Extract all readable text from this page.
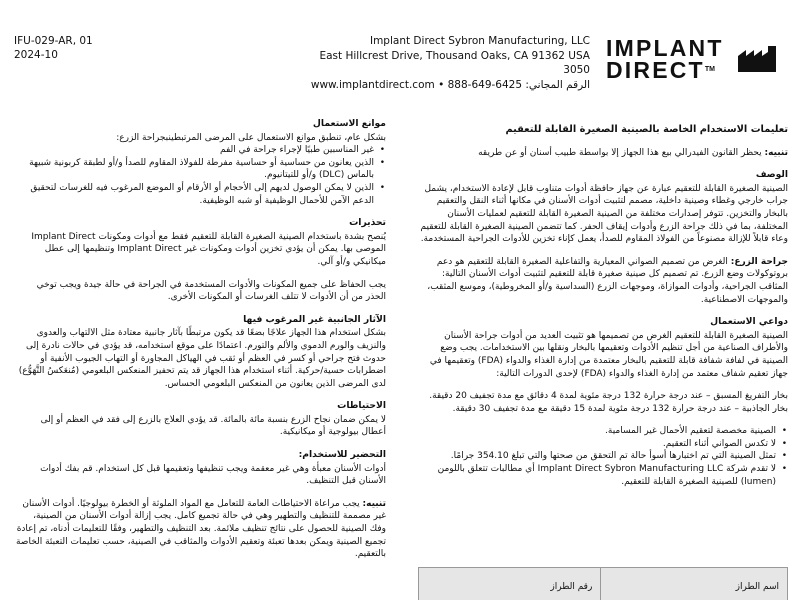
IFU-029-AR, 01
2024-10
Implant Direct Sybron Manufacturing, LLC
East Hillcrest Drive, Thousand Oaks, CA 91362 USA 3050
www.implantdirect.com •	الرقم المجاني: 6425-649-888
IMPLANT
DIRECT™
تعليمات الاستخدام الخاصة بالصينية الصغيرة القابلة للتعقيم

تنبيه: يحظر القانون الفيدرالي بيع هذا الجهاز إلا بواسطة طبيب أسنان أو عن طريقه

الوصف

الصينية الصغيرة القابلة للتعقيم عبارة عن جهاز حافظة أدوات متناوب قابل لإعادة الاستخدام، يشمل جراب خارجي وغطاء وصينية داخلية، مصمم لتثبيت أدوات الأسنان في مكانها أثناء النقل والتعقيم بالبخار والتخزين. تتوفر إصدارات مختلفة من الصينية الصغيرة القابلة للتعقيم لعمليات الأسنان المختلفة، بما في ذلك جراحة الزرع وأدوات إيقاف الحفر. كما تتضمن الصينية الصغيرة القابلة للتعقيم وعاء قابلاً للإزالة مصنوعاً من الفولاذ المقاوم للصدأ، يعمل كإناء تخزين للأدوات الجراحية المستخدمة.

جراحة الزرع: الغرض من تصميم الصواني المعيارية والتفاعلية الصغيرة القابلة للتعقيم هو دعم بروتوكولات وضع الزرع. تم تصميم كل صينية صغيرة قابلة للتعقيم لتثبيت أدوات الأسنان التالية: المثاقب الجراحية، وأدوات الموازاة، وموجهات الزرع (السداسية و/أو المخروطية)، وموسع المثقب، والموجهات الاصطناعية.

دواعي الاستعمال

الصينية الصغيرة القابلة للتعقيم الغرض من تصميمها هو تثبيت العديد من أدوات جراحة الأسنان والأطراف الصناعية من أجل تنظيم الأدوات وتعقيمها بالبخار ونقلها بين الاستخدامات. يجب وضع الصينية في لفافة شفافة قابلة للتعقيم بالبخار معتمدة من إدارة الغذاء والدواء (FDA) وتعقيمها في جهاز تعقيم شفاف معتمد من إدارة الغذاء والدواء (FDA) لإحدى الدورات التالية:

بخار التفريغ المسبق – عند درجة حرارة 132 درجة مئوية لمدة 4 دقائق مع مدة تجفيف 20 دقيقة.

بخار الجاذبية – عند درجة حرارة 132 درجة مئوية لمدة 15 دقيقة مع مدة تجفيف 30 دقيقة.

• الصينية مخصصة لتعقيم الأحمال غير المسامية.
• لا تكدس الصواني أثناء التعقيم.
• تمثل الصينية التي تم اختبارها أسوأ حالة تم التحقق من صحتها والتي تبلغ 354.10 جرامًا.
• لا تقدم شركة Implant Direct Sybron Manufacturing LLC أي مطالبات تتعلق باللومن (lumen) للصينية الصغيرة القابلة للتعقيم.
اسم الطراز	رقم الطراز
موانع الاستعمال

بشكل عام، تنطبق موانع الاستعمال على المرضى المرتبطينبجراحة الزرع:

• غير المناسبين طبيًا لإجراء جراحة في الفم
• الذين يعانون من حساسية أو حساسية مفرطة للفولاذ المقاوم للصدأ و/أو لطبقة كربونية شبيهة بالماس (DLC) و/أو للتيتانيوم.
• الذين لا يمكن الوصول لديهم إلى الأحجام أو الأرقام أو الموضع المرغوب فيه للغرسات لتحقيق الدعم الآمن للأحمال الوظيفية أو شبه الوظيفية.
تحذيرات

يُنصح بشدة باستخدام الصينية الصغيرة القابلة للتعقيم فقط مع أدوات ومكونات Implant Direct الموصى بها. يمكن أن يؤدي تخزين أدوات ومكونات غير Implant Direct وتنظيمها إلى عطل ميكانيكي و/أو آلي.

يجب الحفاظ على جميع المكونات والأدوات المستخدمة في الجراحة في حالة جيدة ويجب توخي الحذر من أن الأدوات لا تتلف الغرسات أو المكونات الأخرى.

الآثار الجانبية غير المرغوب فيها

بشكل استخدام هذا الجهاز علاجًا بضعًا قد يكون مرتبطًا بآثار جانبية معتادة مثل الالتهاب والعدوى والنزيف والورم الدموي والألم والتورم. اعتمادًا على موقع استخدامه، قد يؤدي في حالات نادرة إلى حدوث فتح جراحي أو كسر في العظم أو ثقب في الهياكل المجاورة أو التهاب الجيوب الأنفية أو اضطرابات حسية/حركية. أثناء استخدام هذا الجهاز قد يتم تحفيز المنعكس البلعومي (مُنعَكسُ التَّهَوُّع) لدى المرضى الذين يعانون من المنعكس البلعومي الحساس.

الاحتياطات

لا يمكن ضمان نجاح الزرع بنسبة مائة بالمائة. قد يؤدي العلاج بالزرع إلى فقد في العظم أو إلى أعطال بيولوجية أو ميكانيكية.

التحضير للاستخدام:

أدوات الأسنان معبأة وهي غير معقمة ويجب تنظيفها وتعقيمها قبل كل استخدام. قم بفك أدوات الأسنان قبل التنظيف.

تنبيه: يجب مراعاة الاحتياطات العامة للتعامل مع المواد الملوثة أو الخطرة بيولوجيًا. أدوات الأسنان غير مصممة للتنظيف والتطهير وهي في حالة تجميع كامل. يجب إزالة أدوات الأسنان من الصينية، وفك الصينية للحصول على نتائج تنظيف ملائمة. بعد التنظيف والتطهير، وفقًا للتعليمات أدناه، تم إعادة تجميع الصينية ويمكن بعدها تعبئة وتعقيم الأدوات والمثاقب في الصينية، حسب تعليمات التعبئة الخاصة بالتعقيم.
